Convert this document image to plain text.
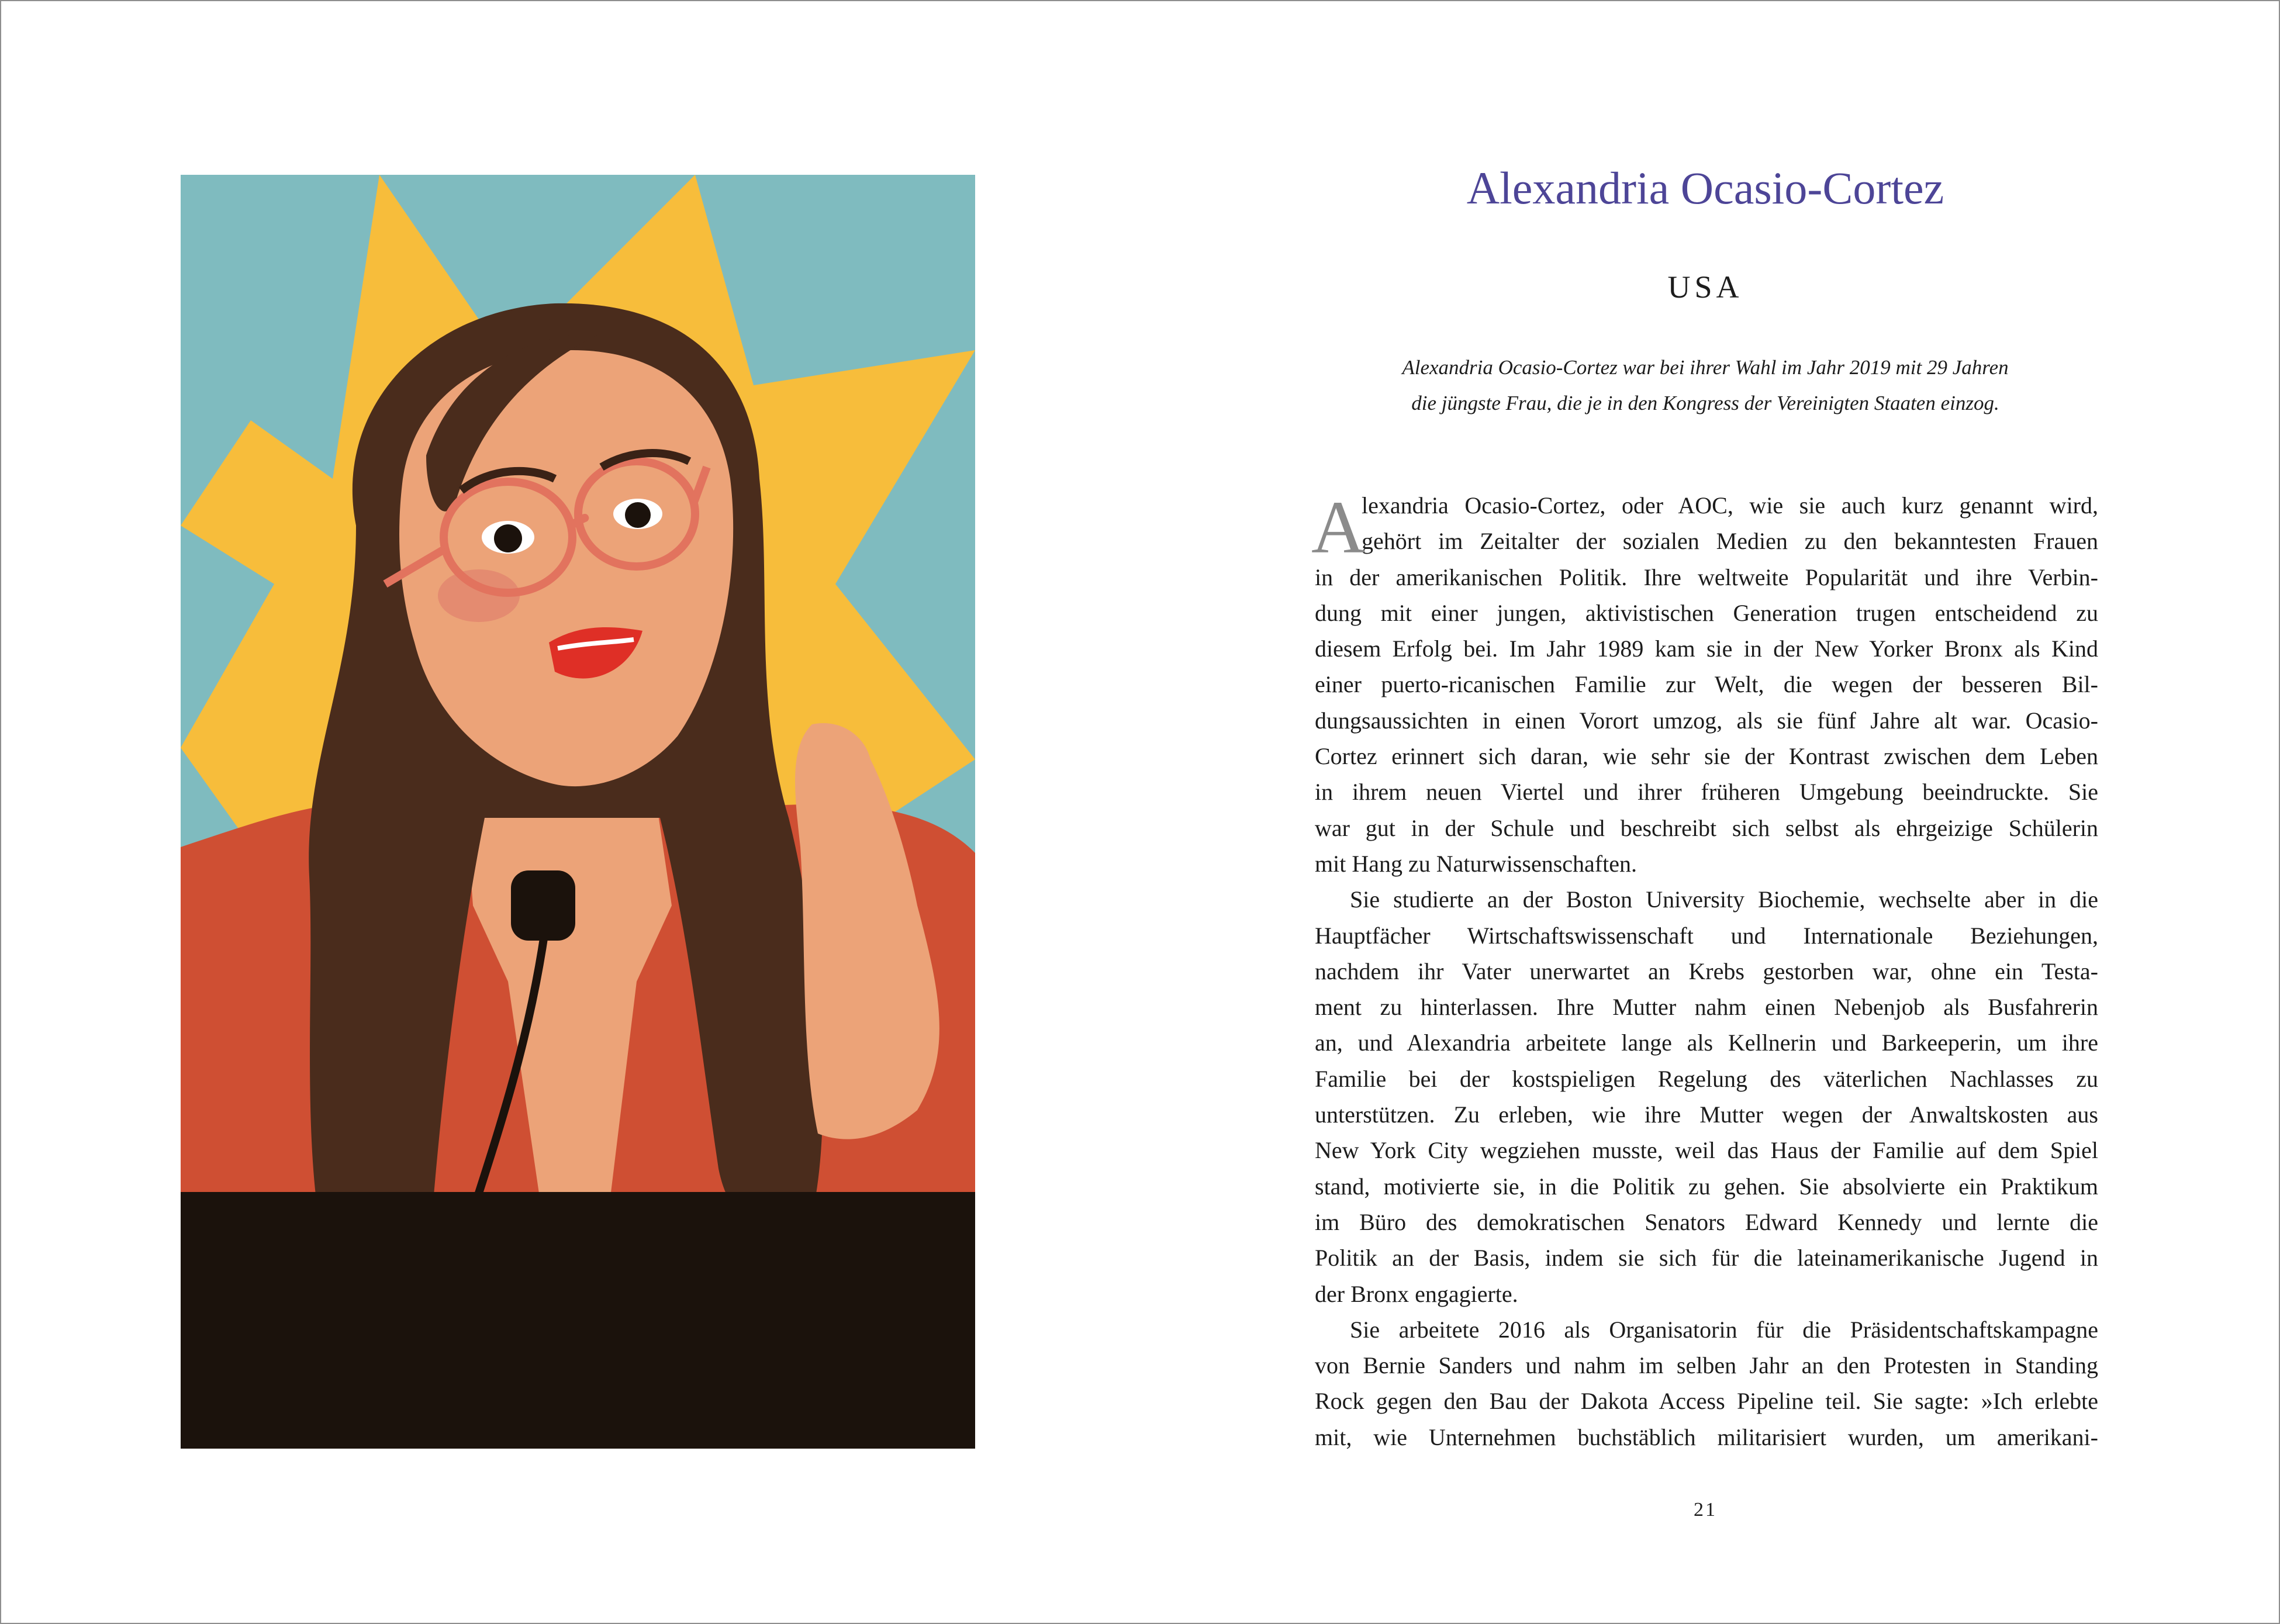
Alexandria Ocasio-Cortez
USA
Alexandria Ocasio-Cortez war bei ihrer Wahl im Jahr 2019 mit 29 Jahren
die jüngste Frau, die je in den Kongress der Vereinigten Staaten einzog.
A

lexandria Ocasio-Cortez, oder AOC, wie sie auch kurz genannt wird,
gehört im Zeitalter der sozialen Medien zu den bekanntesten Frauen
in der amerikanischen Politik. Ihre weltweite Popularität und ihre Verbin-
dung mit einer jungen, aktivistischen Generation trugen entscheidend zu
diesem Erfolg bei. Im Jahr 1989 kam sie in der New Yorker Bronx als Kind
einer puerto-ricanischen Familie zur Welt, die wegen der besseren Bil-
dungsaussichten in einen Vorort umzog, als sie fünf Jahre alt war. Ocasio-
Cortez erinnert sich daran, wie sehr sie der Kontrast zwischen dem Leben
in ihrem neuen Viertel und ihrer früheren Umgebung beeindruckte. Sie
war gut in der Schule und beschreibt sich selbst als ehrgeizige Schülerin
mit Hang zu Naturwissenschaften.

Sie studierte an der Boston University Biochemie, wechselte aber in die
Hauptfächer Wirtschaftswissenschaft und Internationale Beziehungen,
nachdem ihr Vater unerwartet an Krebs gestorben war, ohne ein Testa-
ment zu hinterlassen. Ihre Mutter nahm einen Nebenjob als Busfahrerin
an, und Alexandria arbeitete lange als Kellnerin und Barkeeperin, um ihre
Familie bei der kostspieligen Regelung des väterlichen Nachlasses zu
unterstützen. Zu erleben, wie ihre Mutter wegen der Anwaltskosten aus
New York City wegziehen musste, weil das Haus der Familie auf dem Spiel
stand, motivierte sie, in die Politik zu gehen. Sie absolvierte ein Praktikum
im Büro des demokratischen Senators Edward Kennedy und lernte die
Politik an der Basis, indem sie sich für die lateinamerikanische Jugend in
der Bronx engagierte.

Sie arbeitete 2016 als Organisatorin für die Präsidentschaftskampagne
von Bernie Sanders und nahm im selben Jahr an den Protesten in Standing
Rock gegen den Bau der Dakota Access Pipeline teil. Sie sagte: »Ich erlebte
mit, wie Unternehmen buchstäblich militarisiert wurden, um amerikani-

21
